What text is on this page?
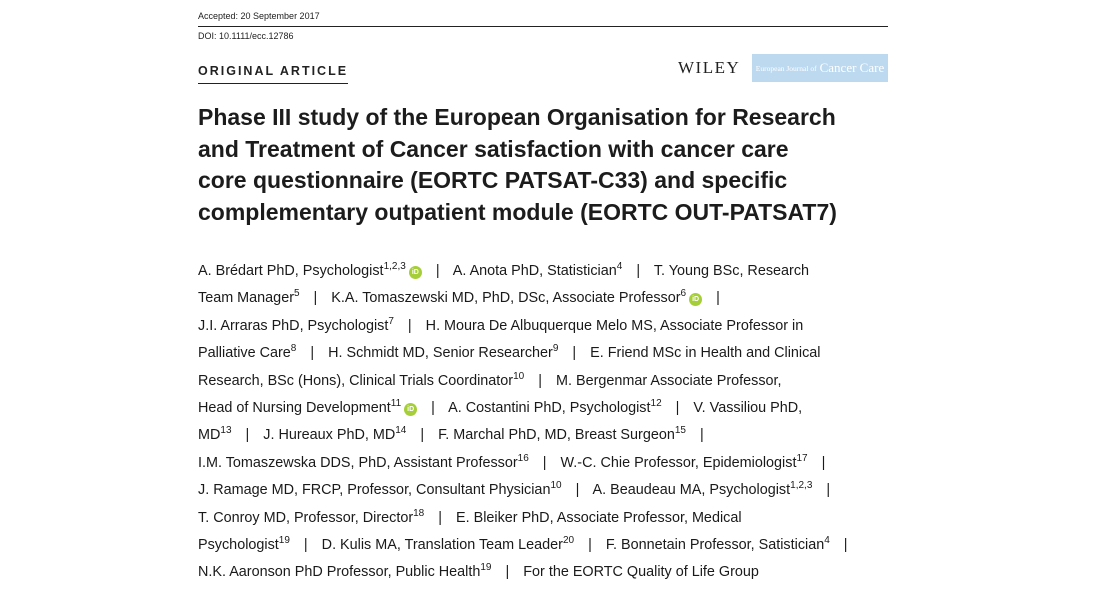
Accepted: 20 September 2017
DOI: 10.1111/ecc.12786
ORIGINAL ARTICLE	WILEY European Journal of Cancer Care
Phase III study of the European Organisation for Research
and Treatment of Cancer satisfaction with cancer care
core questionnaire (EORTC PATSAT-C33) and specific
complementary outpatient module (EORTC OUT-PATSAT7)
A. Brédart PhD, Psychologist$^{1,2,3}$iD | A. Anota PhD, Statistician$^4$ | T. Young BSc, Research
Team Manager$^5$ | K.A. Tomaszewski MD, PhD, DSc, Associate Professor$^6$iD |
J.I. Arraras PhD, Psychologist$^7$ | H. Moura De Albuquerque Melo MS, Associate Professor in
Palliative Care$^8$ | H. Schmidt MD, Senior Researcher$^9$ | E. Friend MSc in Health and Clinical
Research, BSc (Hons), Clinical Trials Coordinator$^{10}$ | M. Bergenmar Associate Professor,
Head of Nursing Development$^{11}$iD | A. Costantini PhD, Psychologist$^{12}$ | V. Vassiliou PhD,
MD$^{13}$ | J. Hureaux PhD, MD$^{14}$ | F. Marchal PhD, MD, Breast Surgeon$^{15}$ |
I.M. Tomaszewska DDS, PhD, Assistant Professor$^{16}$ | W.-C. Chie Professor, Epidemiologist$^{17}$ |
J. Ramage MD, FRCP, Professor, Consultant Physician$^{10}$ | A. Beaudeau MA, Psychologist$^{1,2,3}$ |
T. Conroy MD, Professor, Director$^{18}$ | E. Bleiker PhD, Associate Professor, Medical
Psychologist$^{19}$ | D. Kulis MA, Translation Team Leader$^{20}$ | F. Bonnetain Professor, Satistician$^4$ |
N.K. Aaronson PhD Professor, Public Health$^{19}$ | For the EORTC Quality of Life Group
